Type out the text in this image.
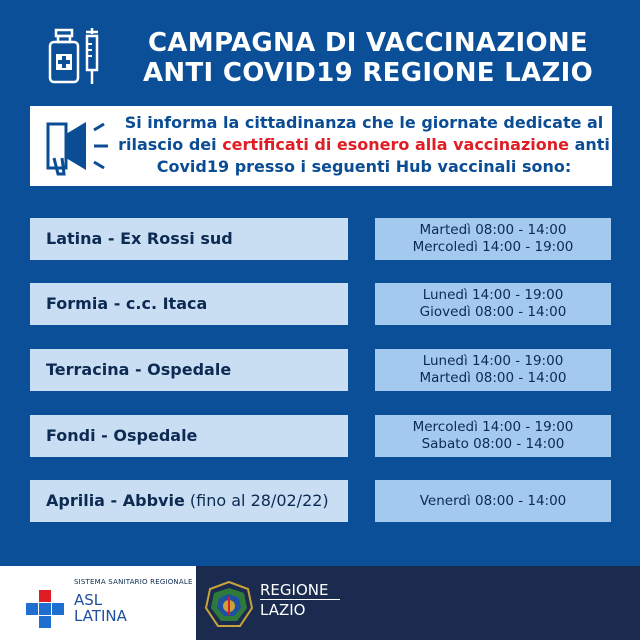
CAMPAGNA DI VACCINAZIONE
ANTI COVID19 REGIONE LAZIO
Si informa la cittadinanza che le giornate dedicate al rilascio dei certificati di esonero alla vaccinazione anti Covid19 presso i seguenti Hub vaccinali sono:
Latina - Ex Rossi sud	Martedì 08:00 - 14:00
Mercoledì 14:00 - 19:00
Formia - c.c. Itaca	Lunedì 14:00 - 19:00
Giovedì 08:00 - 14:00
Terracina - Ospedale	Lunedì 14:00 - 19:00
Martedì 08:00 - 14:00
Fondi - Ospedale	Mercoledì 14:00 - 19:00
Sabato 08:00 - 14:00
Aprilia - Abbvie (fino al 28/02/22)	Venerdì 08:00 - 14:00
SISTEMA SANITARIO REGIONALE
ASL
LATINA
REGIONE
LAZIO
